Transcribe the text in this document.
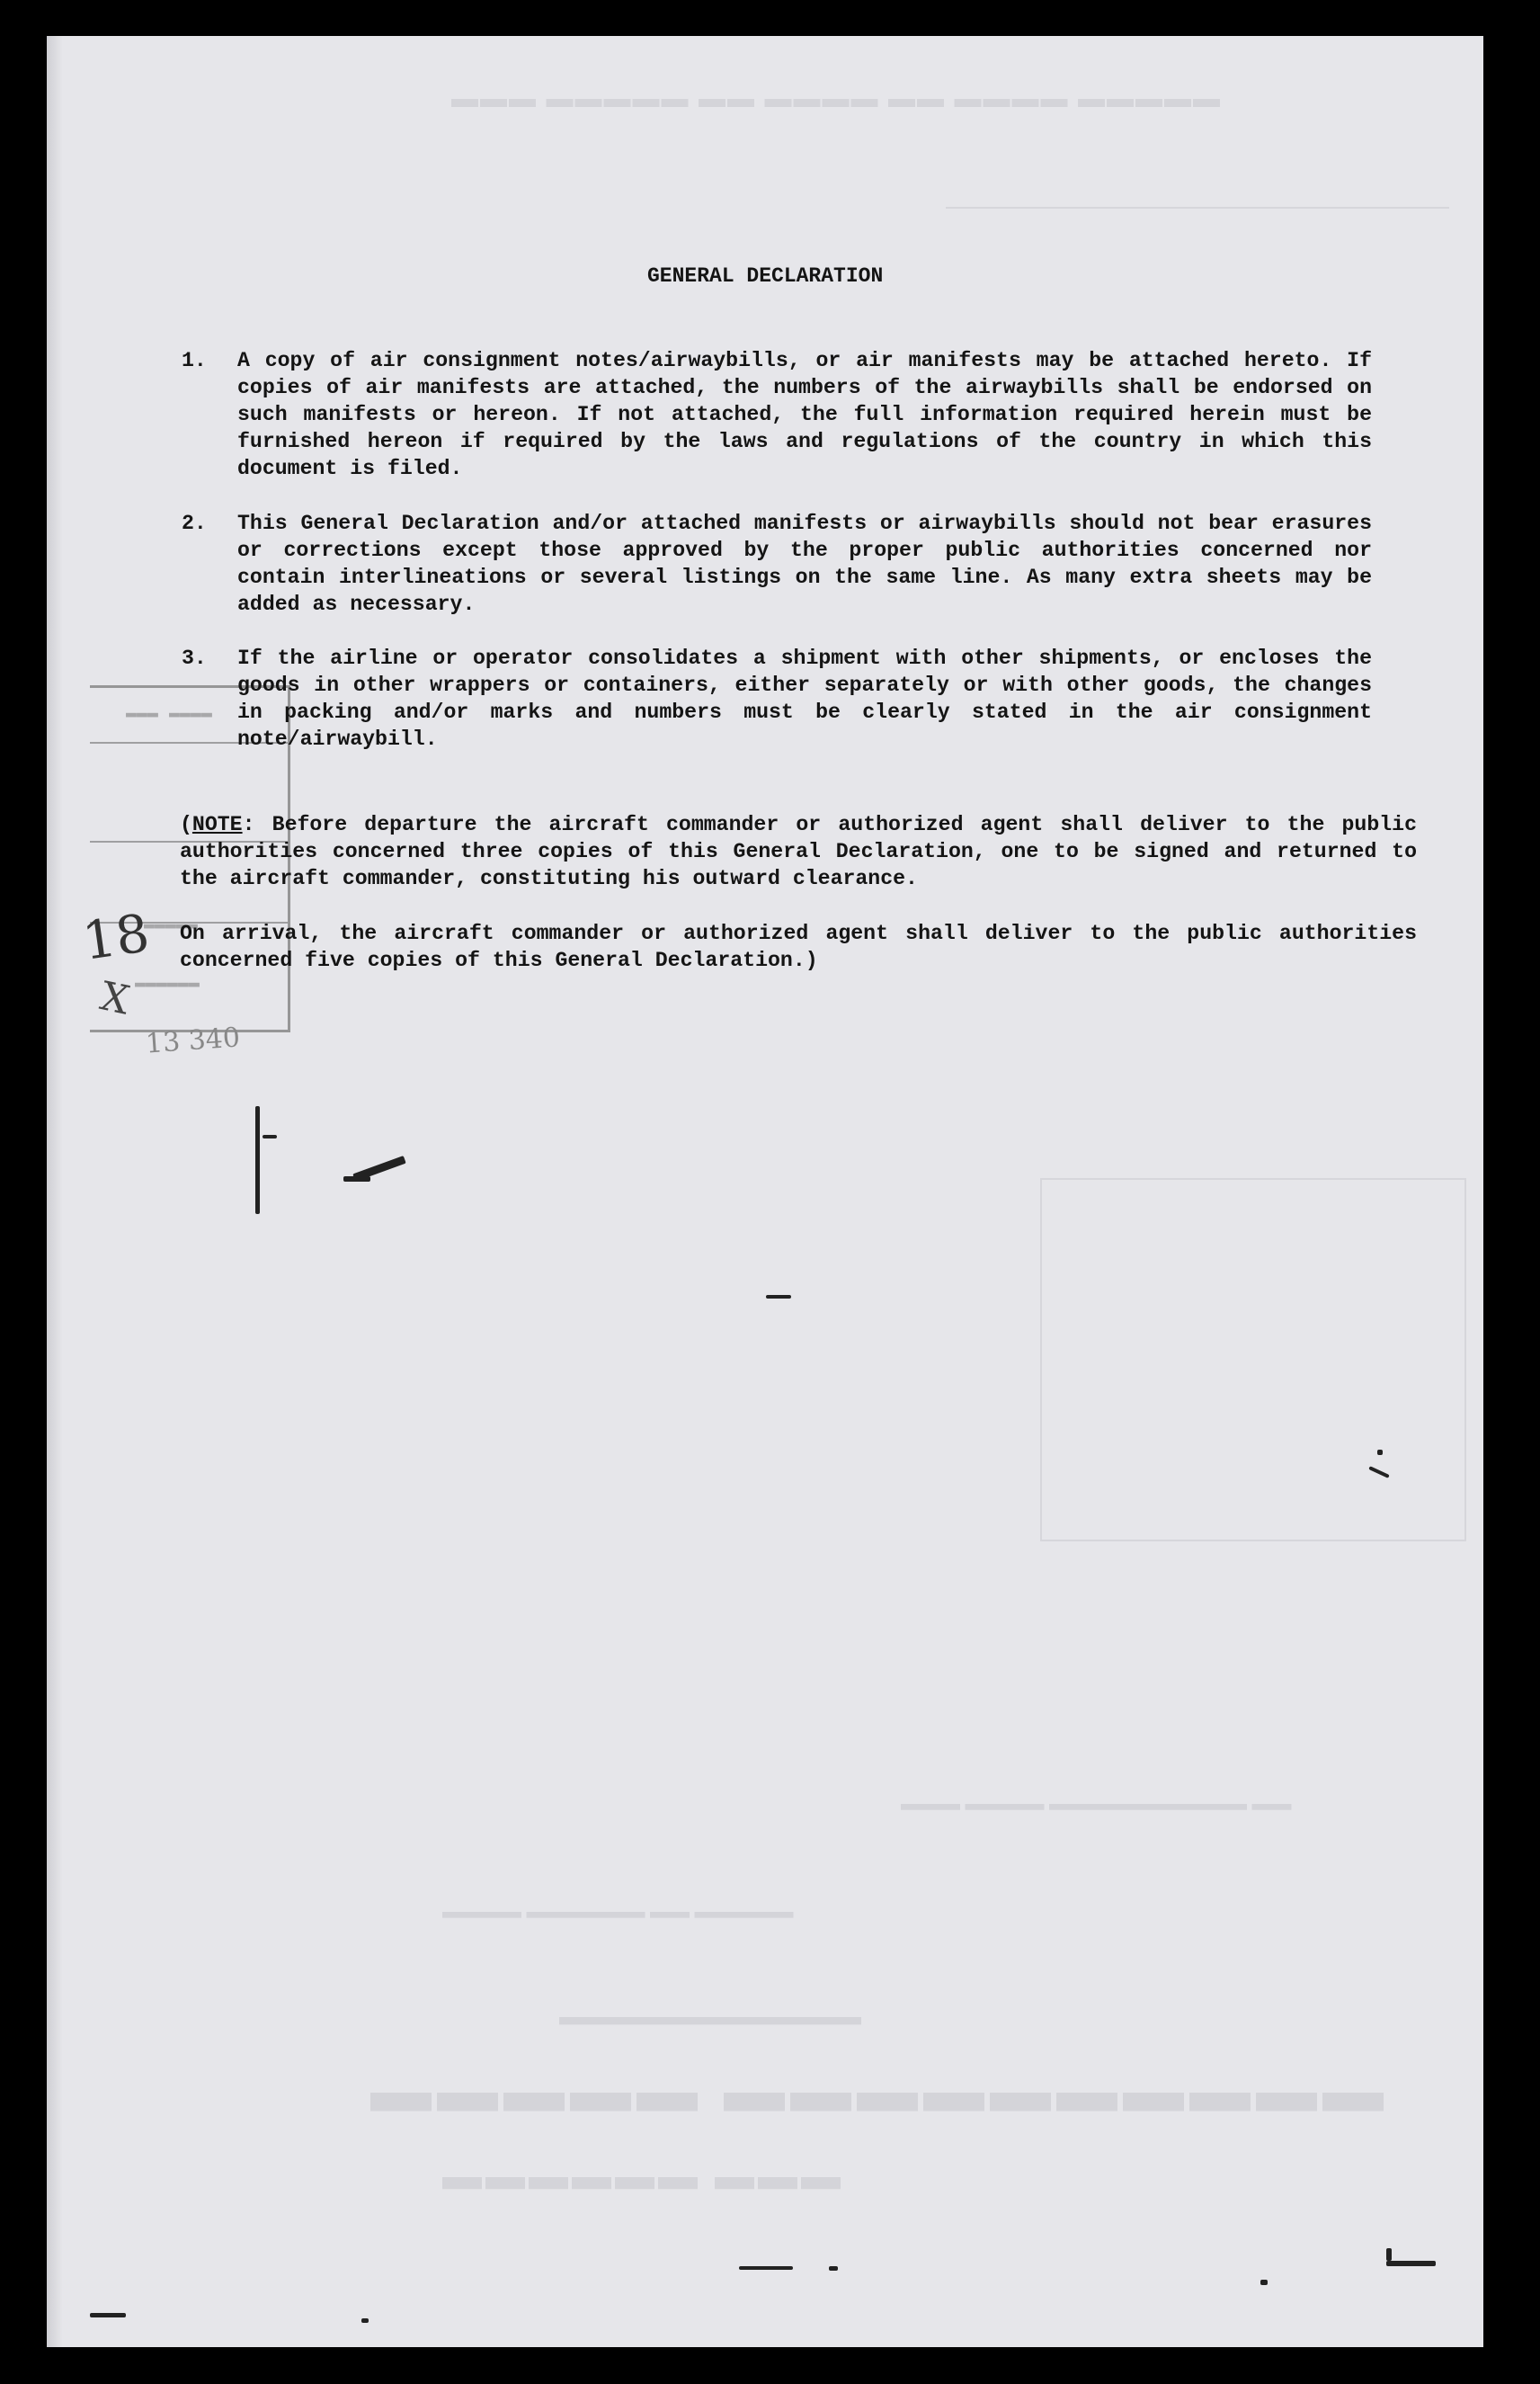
▬▬▬ ▬▬▬▬▬ ▬▬ ▬▬▬▬ ▬▬ ▬▬▬▬ ▬▬▬▬▬
▬▬▬▬▬ ▬▬▬▬▬▬▬▬▬▬
▬▬▬▬▬▬▬▬▬▬▬▬
▬▬▬▬▬▬ ▬▬▬
▬▬▬▬ ▬▬▬▬▬▬ ▬▬ ▬▬▬▬▬
▬▬▬ ▬▬▬▬ ▬▬▬▬▬▬▬▬▬▬ ▬▬
▬▬▬ ▬▬▬▬
▬▬▬▬▬
▬▬▬▬▬▬
GENERAL DECLARATION
1. A copy of air consignment notes/airwaybills, or air manifests may be attached hereto. If copies of air manifests are attached, the numbers of the airwaybills shall be endorsed on such manifests or hereon. If not attached, the full information required herein must be furnished hereon if required by the laws and regulations of the country in which this document is filed.
2. This General Declaration and/or attached manifests or airwaybills should not bear erasures or corrections except those approved by the proper public authorities concerned nor contain interlineations or several listings on the same line. As many extra sheets may be added as necessary.
3. If the airline or operator consolidates a shipment with other shipments, or encloses the goods in other wrappers or containers, either separately or with other goods, the changes in packing and/or marks and numbers must be clearly stated in the air consignment note/airwaybill.
(NOTE: Before departure the aircraft commander or authorized agent shall deliver to the public authorities concerned three copies of this General Declaration, one to be signed and returned to the aircraft commander, constituting his outward clearance.
On arrival, the aircraft commander or authorized agent shall deliver to the public authorities concerned five copies of this General Declaration.)
18
X
13 340
